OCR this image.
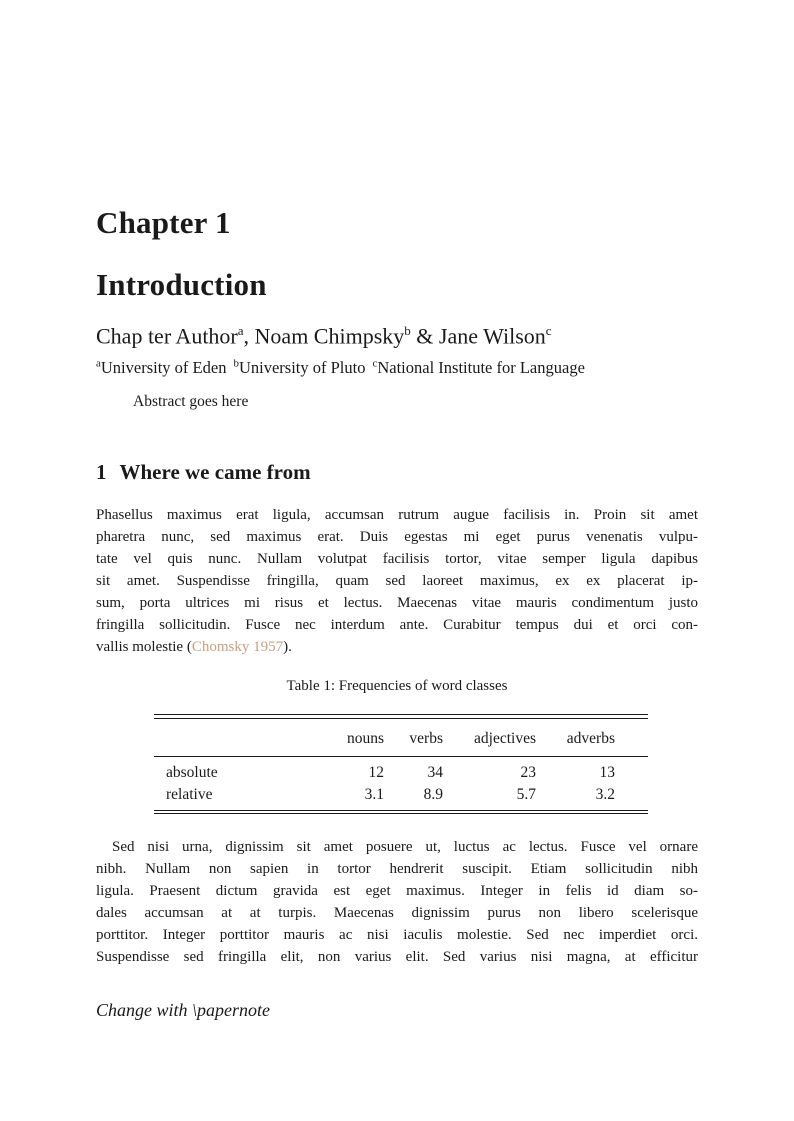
Chapter 1
Introduction
Chap ter Author$^a$, Noam Chimpsky$^b$ & Jane Wilson$^c$
$^a$University of Eden $^b$University of Pluto $^c$National Institute for Language
Abstract goes here
1 Where we came from
Phasellus maximus erat ligula, accumsan rutrum augue facilisis in. Proin sit amet
pharetra nunc, sed maximus erat. Duis egestas mi eget purus venenatis vulpu-
tate vel quis nunc. Nullam volutpat facilisis tortor, vitae semper ligula dapibus
sit amet. Suspendisse fringilla, quam sed laoreet maximus, ex ex placerat ip-
sum, porta ultrices mi risus et lectus. Maecenas vitae mauris condimentum justo
fringilla sollicitudin. Fusce nec interdum ante. Curabitur tempus dui et orci con-
vallis molestie (Chomsky 1957).
Table 1: Frequencies of word classes
	nouns	verbs	adjectives	adverbs
absolute	12	34	23	13
relative	3.1	8.9	5.7	3.2
Sed nisi urna, dignissim sit amet posuere ut, luctus ac lectus. Fusce vel ornare
nibh. Nullam non sapien in tortor hendrerit suscipit. Etiam sollicitudin nibh
ligula. Praesent dictum gravida est eget maximus. Integer in felis id diam so-
dales accumsan at at turpis. Maecenas dignissim purus non libero scelerisque
porttitor. Integer porttitor mauris ac nisi iaculis molestie. Sed nec imperdiet orci.
Suspendisse sed fringilla elit, non varius elit. Sed varius nisi magna, at efficitur
Change with \papernote
